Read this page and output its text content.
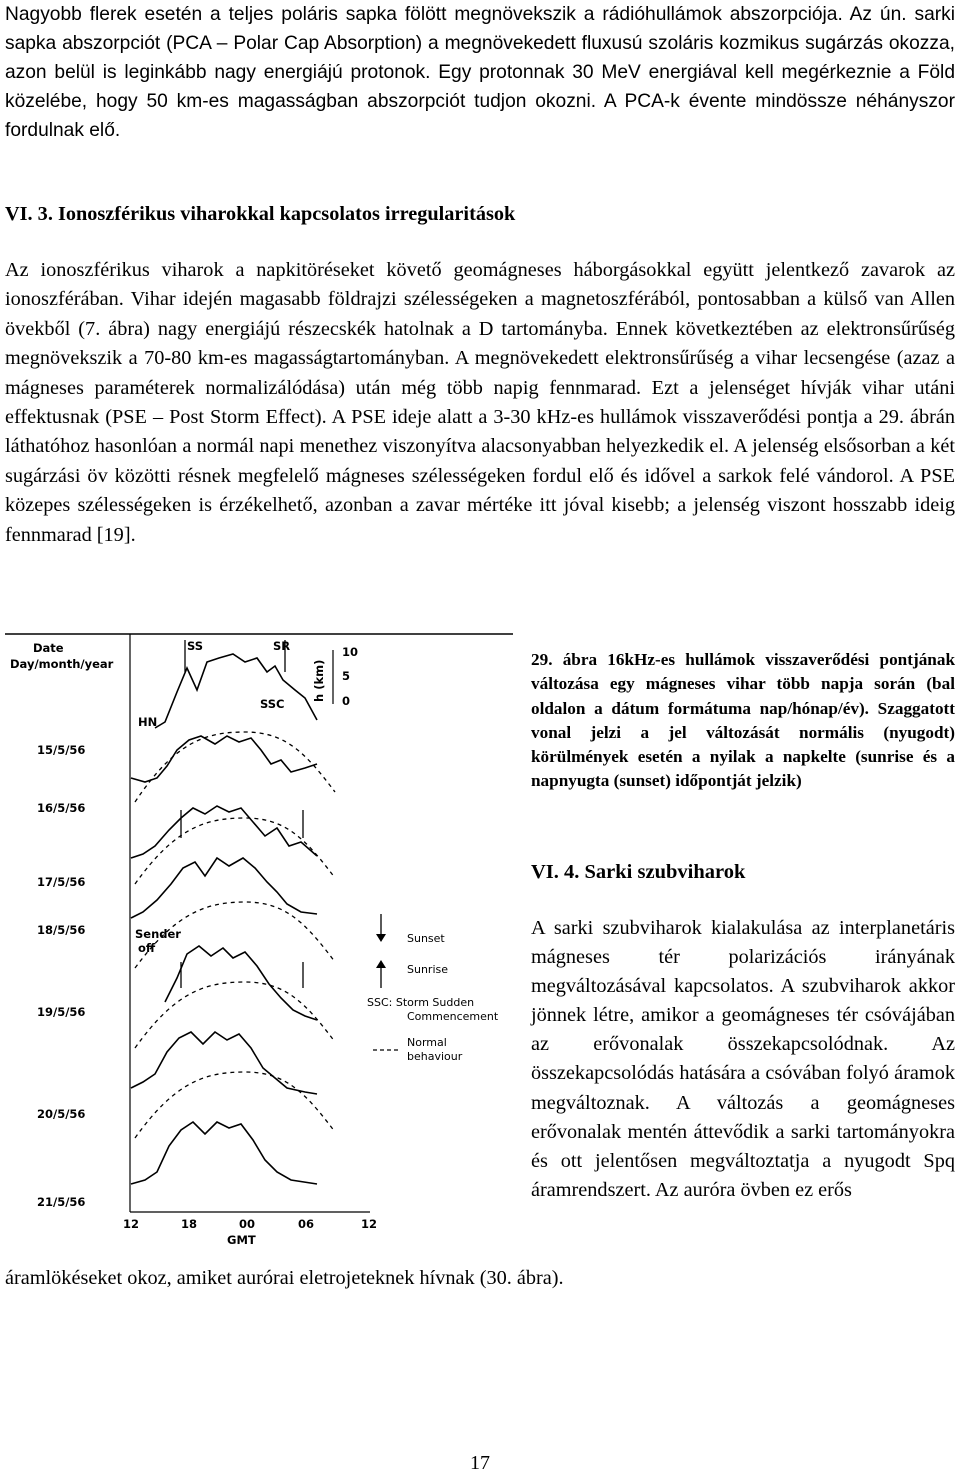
Nagyobb flerek esetén a teljes poláris sapka fölött megnövekszik a rádióhullámok abszorpciója. Az ún. sarki sapka abszorpciót (PCA – Polar Cap Absorption) a megnövekedett fluxusú szoláris kozmikus sugárzás okozza, azon belül is leginkább nagy energiájú protonok. Egy protonnak 30 MeV energiával kell megérkeznie a Föld közelébe, hogy 50 km-es magasságban abszorpciót tudjon okozni. A PCA-k évente mindössze néhányszor fordulnak elő.

VI. 3. Ionoszférikus viharokkal kapcsolatos irregularitások

Az ionoszférikus viharok a napkitöréseket követő geomágneses háborgásokkal együtt jelentkező zavarok az ionoszférában. Vihar idején magasabb földrajzi szélességeken a magnetoszférából, pontosabban a külső van Allen övekből (7. ábra) nagy energiájú részecskék hatolnak a D tartományba. Ennek következtében az elektronsűrűség megnövekszik a 70-80 km-es magasságtartományban. A megnövekedett elektronsűrűség a vihar lecsengése (azaz a mágneses paraméterek normalizálódása) után még több napig fennmarad. Ezt a jelenséget hívják vihar utáni effektusnak (PSE – Post Storm Effect). A PSE ideje alatt a 3-30 kHz-es hullámok visszaverődési pontja a 29. ábrán láthatóhoz hasonlóan a normál napi menethez viszonyítva alacsonyabban helyezkedik el. A jelenség elsősorban a két sugárzási öv közötti résnek megfelelő mágneses szélességeken fordul elő és idővel a sarkok felé vándorol. A PSE közepes szélességeken is érzékelhető, azonban a zavar mértéke itt jóval kisebb; a jelenség viszont hosszabb ideig fennmarad [19].

Date
Day/month/year
SS	SR
SSC
HN
h (km)
10
5
0
15/5/56
16/5/56
17/5/56
18/5/56
19/5/56
20/5/56
21/5/56
Sender
off
12	18	00	06	12
GMT
Sunset
Sunrise
SSC: Storm Sudden
Commencement
Normal
behaviour

29. ábra 16kHz-es hullámok visszaverődési pontjának változása egy mágneses vihar több napja során (bal oldalon a dátum formátuma nap/hónap/év). Szaggatott vonal jelzi a jel változását normális (nyugodt) körülmények esetén a nyilak a napkelte (sunrise és a napnyugta (sunset) időpontját jelzik)

VI. 4. Sarki szubviharok

A sarki szubviharok kialakulása az interplanetáris mágneses tér polarizációs irányának megváltozásával kapcsolatos. A szubviharok akkor jönnek létre, amikor a geomágneses tér csóvájában az erővonalak összekapcsolódnak. Az összekapcsolódás hatására a csóvában folyó áramok megváltoznak. A változás a geomágneses erővonalak mentén áttevődik a sarki tartományokra és ott jelentősen megváltoztatja a nyugodt Spq áramrendszert. Az auróra övben ez erős

áramlökéseket okoz, amiket aurórai eletrojeteknek hívnak (30. ábra).

17
